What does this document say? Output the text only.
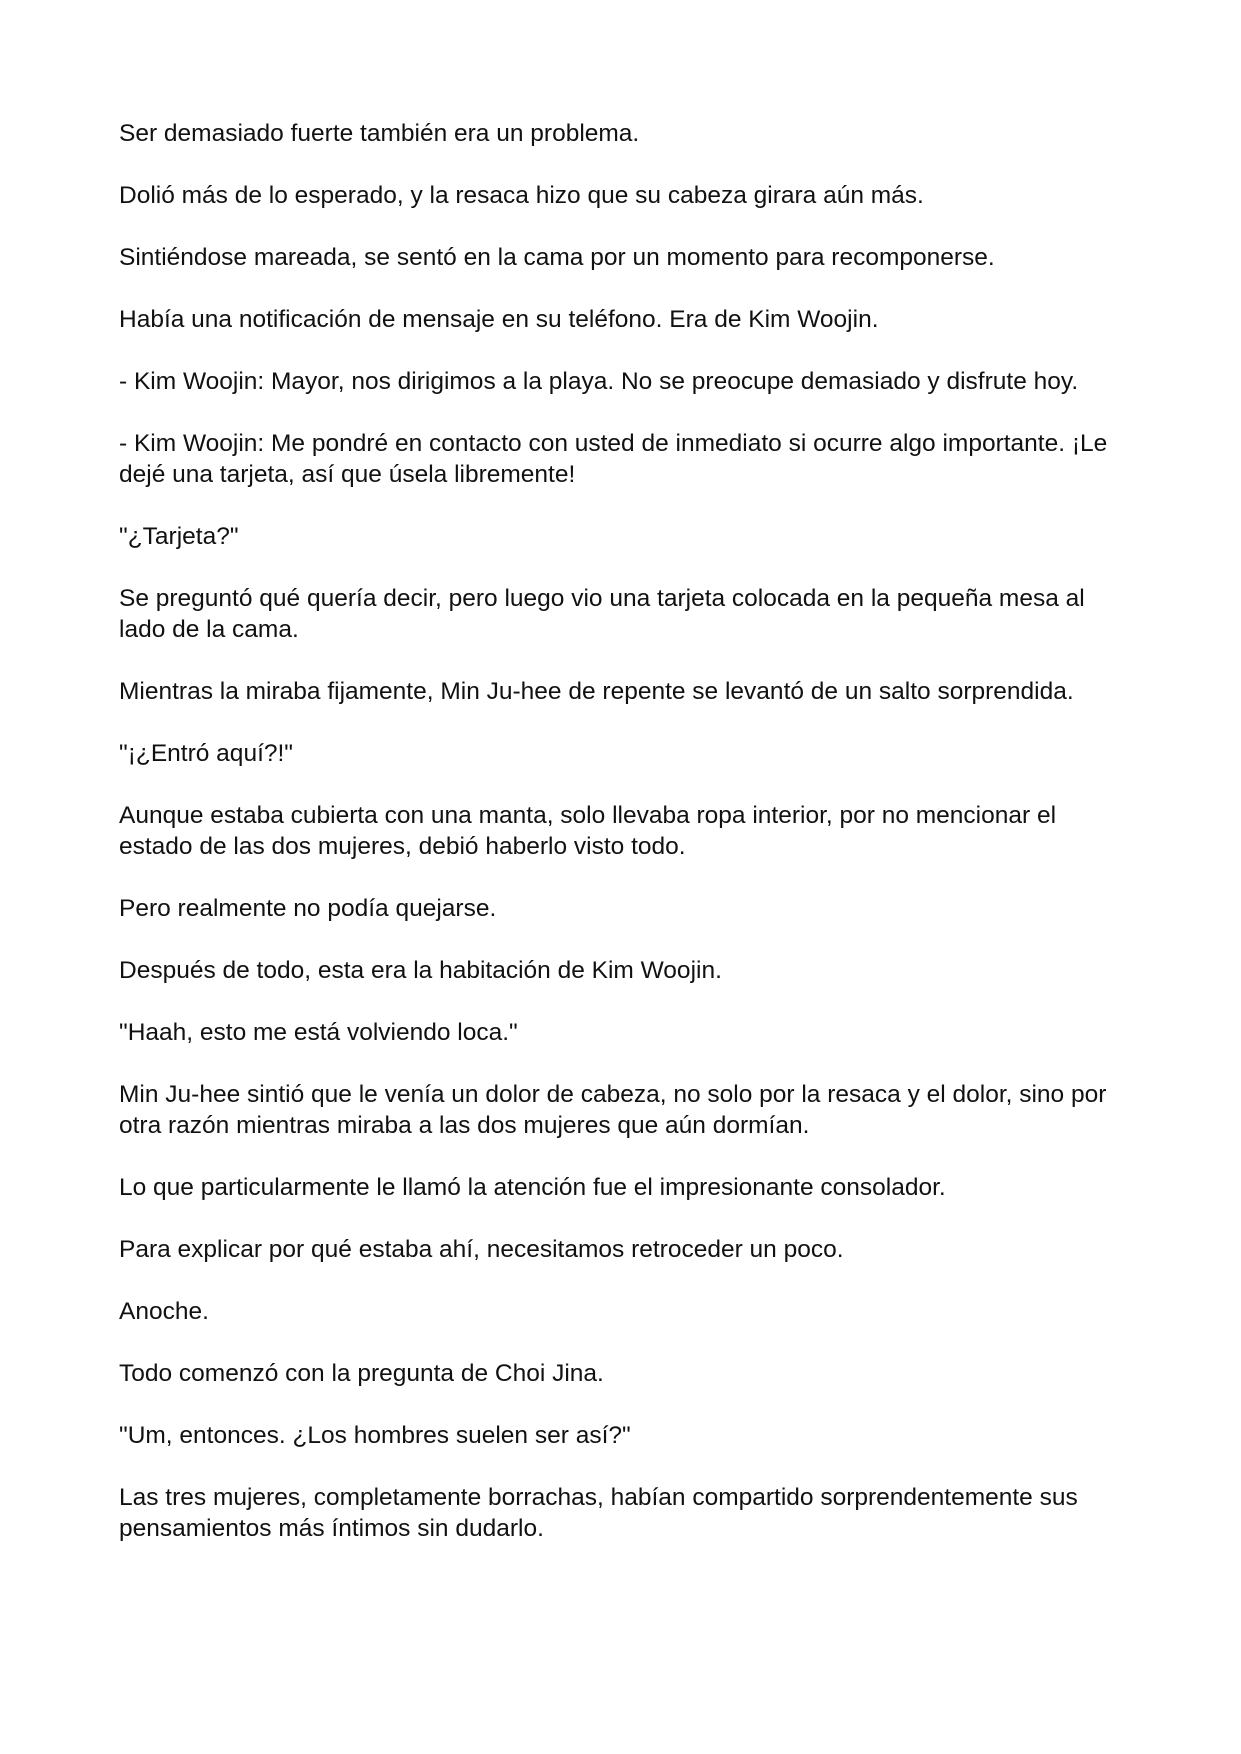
Ser demasiado fuerte también era un problema.

Dolió más de lo esperado, y la resaca hizo que su cabeza girara aún más.

Sintiéndose mareada, se sentó en la cama por un momento para recomponerse.

Había una notificación de mensaje en su teléfono. Era de Kim Woojin.

- Kim Woojin: Mayor, nos dirigimos a la playa. No se preocupe demasiado y disfrute hoy.

- Kim Woojin: Me pondré en contacto con usted de inmediato si ocurre algo importante. ¡Le dejé una tarjeta, así que úsela libremente!

"¿Tarjeta?"

Se preguntó qué quería decir, pero luego vio una tarjeta colocada en la pequeña mesa al lado de la cama.

Mientras la miraba fijamente, Min Ju-hee de repente se levantó de un salto sorprendida.

"¡¿Entró aquí?!"

Aunque estaba cubierta con una manta, solo llevaba ropa interior, por no mencionar el estado de las dos mujeres, debió haberlo visto todo.

Pero realmente no podía quejarse.

Después de todo, esta era la habitación de Kim Woojin.

"Haah, esto me está volviendo loca."

Min Ju-hee sintió que le venía un dolor de cabeza, no solo por la resaca y el dolor, sino por otra razón mientras miraba a las dos mujeres que aún dormían.

Lo que particularmente le llamó la atención fue el impresionante consolador.

Para explicar por qué estaba ahí, necesitamos retroceder un poco.

Anoche.

Todo comenzó con la pregunta de Choi Jina.

"Um, entonces. ¿Los hombres suelen ser así?"

Las tres mujeres, completamente borrachas, habían compartido sorprendentemente sus pensamientos más íntimos sin dudarlo.
